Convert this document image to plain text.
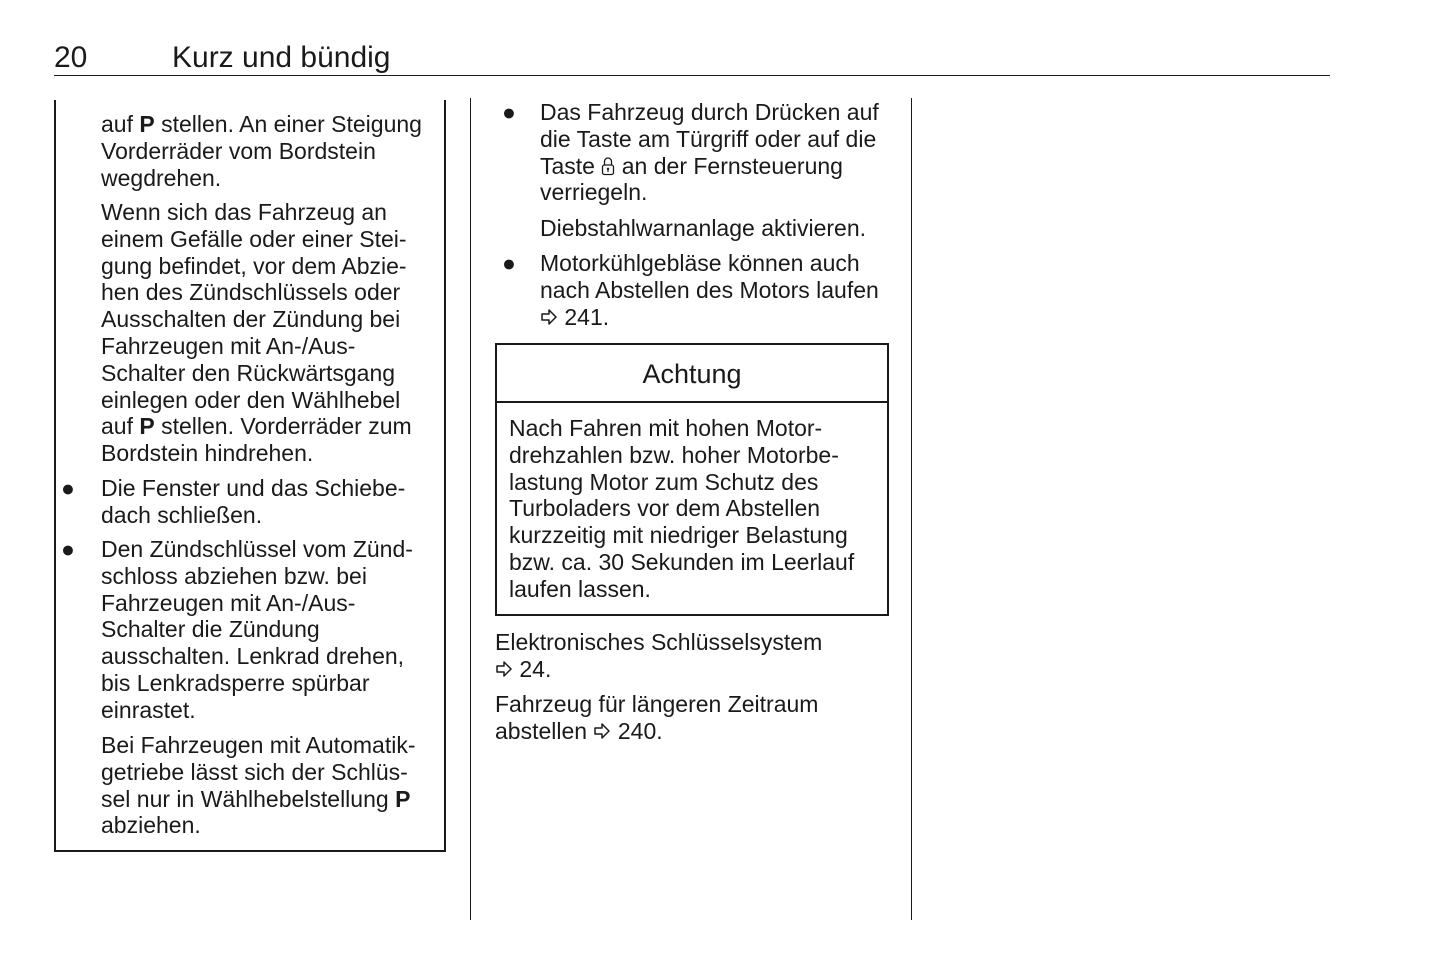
20	Kurz und bündig
auf P stellen. An einer Steigung
Vorderräder vom Bordstein
wegdrehen.
Wenn sich das Fahrzeug an
einem Gefälle oder einer Stei-
gung befindet, vor dem Abzie-
hen des Zündschlüssels oder
Ausschalten der Zündung bei
Fahrzeugen mit An-/Aus-
Schalter den Rückwärtsgang
einlegen oder den Wählhebel
auf P stellen. Vorderräder zum
Bordstein hindrehen.
● Die Fenster und das Schiebe-
dach schließen.
● Den Zündschlüssel vom Zünd-
schloss abziehen bzw. bei
Fahrzeugen mit An-/Aus-
Schalter die Zündung
ausschalten. Lenkrad drehen,
bis Lenkradsperre spürbar
einrastet.
Bei Fahrzeugen mit Automatik-
getriebe lässt sich der Schlüs-
sel nur in Wählhebelstellung P
abziehen.
● Das Fahrzeug durch Drücken auf
die Taste am Türgriff oder auf die
Taste  an der Fernsteuerung
verriegeln.
Diebstahlwarnanlage aktivieren.
● Motorkühlgebläse können auch
nach Abstellen des Motors laufen
241.
Achtung
Nach Fahren mit hohen Motor-
drehzahlen bzw. hoher Motorbe-
lastung Motor zum Schutz des
Turboladers vor dem Abstellen
kurzzeitig mit niedriger Belastung
bzw. ca. 30 Sekunden im Leerlauf
laufen lassen.
Elektronisches Schlüsselsystem
24.
Fahrzeug für längeren Zeitraum
abstellen  240.
